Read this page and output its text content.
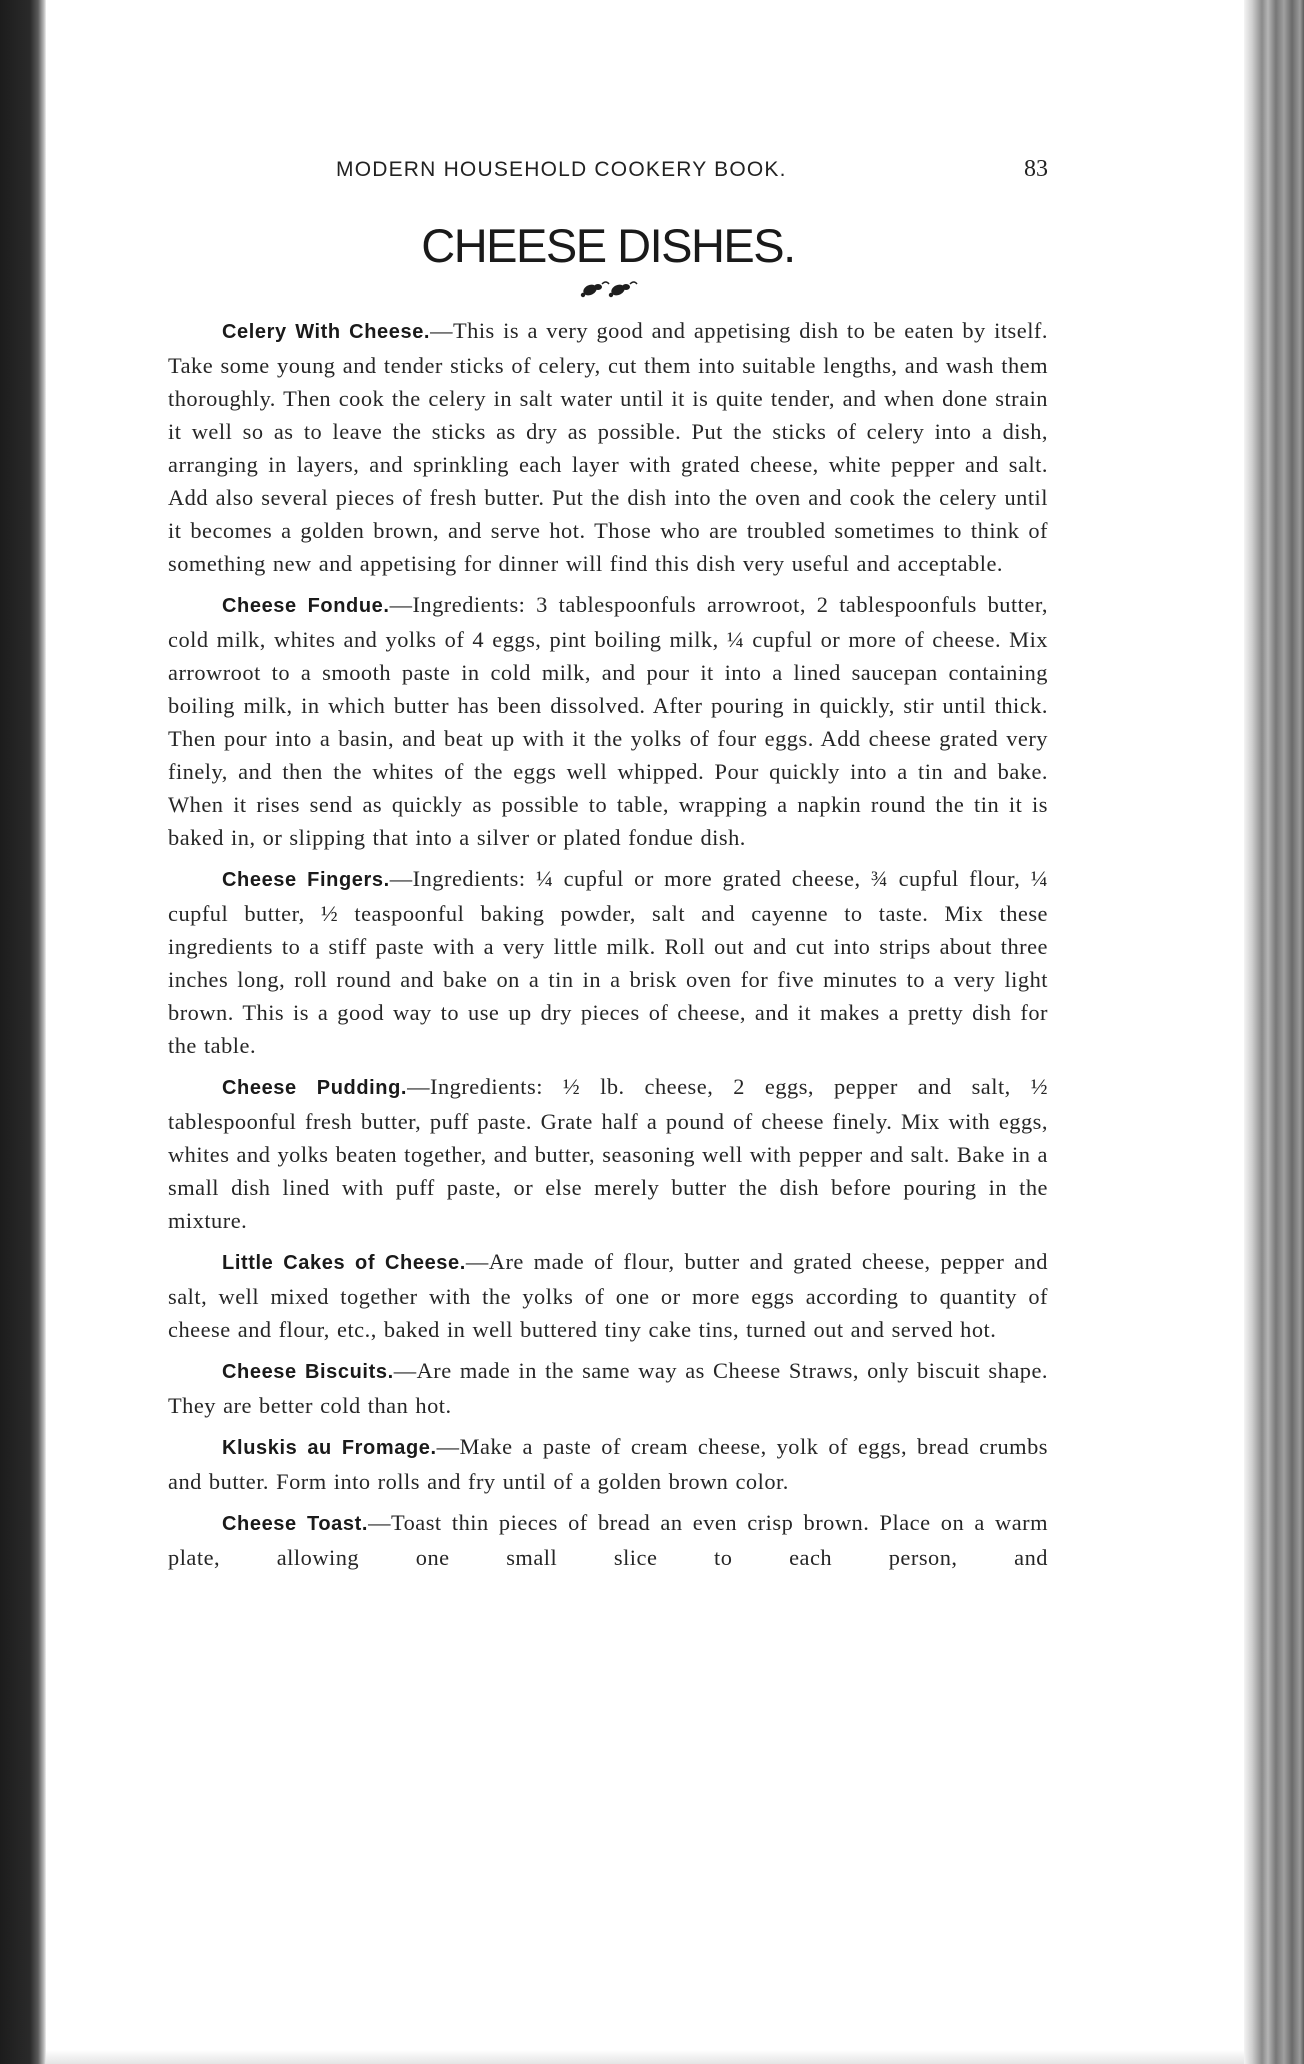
MODERN HOUSEHOLD COOKERY BOOK.	83
CHEESE DISHES.

Celery With Cheese.—This is a very good and appetising dish to be eaten by itself. Take some young and tender sticks of celery, cut them into suitable lengths, and wash them thoroughly. Then cook the celery in salt water until it is quite tender, and when done strain it well so as to leave the sticks as dry as possible. Put the sticks of celery into a dish, arranging in layers, and sprinkling each layer with grated cheese, white pepper and salt. Add also several pieces of fresh butter. Put the dish into the oven and cook the celery until it becomes a golden brown, and serve hot. Those who are troubled sometimes to think of something new and appetising for dinner will find this dish very useful and acceptable.

Cheese Fondue.—Ingredients: 3 tablespoonfuls arrowroot, 2 tablespoonfuls butter, cold milk, whites and yolks of 4 eggs, pint boiling milk, ¼ cupful or more of cheese. Mix arrowroot to a smooth paste in cold milk, and pour it into a lined saucepan containing boiling milk, in which butter has been dissolved. After pouring in quickly, stir until thick. Then pour into a basin, and beat up with it the yolks of four eggs. Add cheese grated very finely, and then the whites of the eggs well whipped. Pour quickly into a tin and bake. When it rises send as quickly as possible to table, wrapping a napkin round the tin it is baked in, or slipping that into a silver or plated fondue dish.

Cheese Fingers.—Ingredients: ¼ cupful or more grated cheese, ¾ cupful flour, ¼ cupful butter, ½ teaspoonful baking powder, salt and cayenne to taste. Mix these ingredients to a stiff paste with a very little milk. Roll out and cut into strips about three inches long, roll round and bake on a tin in a brisk oven for five minutes to a very light brown. This is a good way to use up dry pieces of cheese, and it makes a pretty dish for the table.

Cheese Pudding.—Ingredients: ½ lb. cheese, 2 eggs, pepper and salt, ½ tablespoonful fresh butter, puff paste. Grate half a pound of cheese finely. Mix with eggs, whites and yolks beaten together, and butter, seasoning well with pepper and salt. Bake in a small dish lined with puff paste, or else merely butter the dish before pouring in the mixture.

Little Cakes of Cheese.—Are made of flour, butter and grated cheese, pepper and salt, well mixed together with the yolks of one or more eggs according to quantity of cheese and flour, etc., baked in well buttered tiny cake tins, turned out and served hot.

Cheese Biscuits.—Are made in the same way as Cheese Straws, only biscuit shape. They are better cold than hot.

Kluskis au Fromage.—Make a paste of cream cheese, yolk of eggs, bread crumbs and butter. Form into rolls and fry until of a golden brown color.

Cheese Toast.—Toast thin pieces of bread an even crisp brown. Place on a warm plate, allowing one small slice to each person, and
